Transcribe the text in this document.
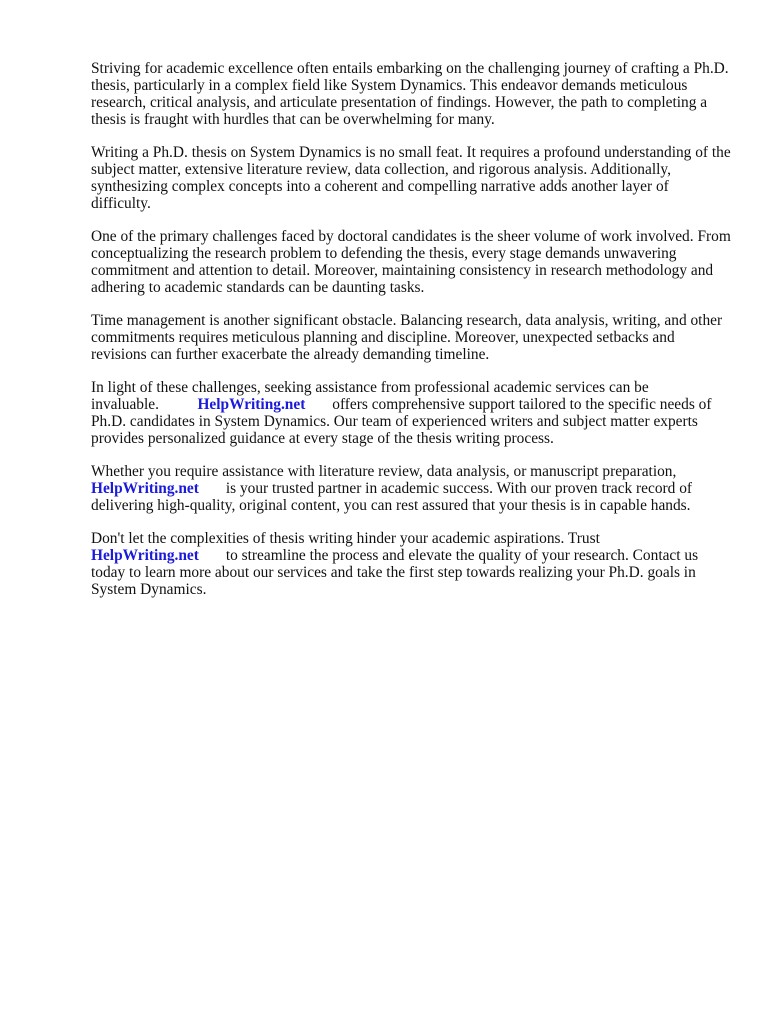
Striving for academic excellence often entails embarking on the challenging journey of crafting a Ph.D. thesis, particularly in a complex field like System Dynamics. This endeavor demands meticulous research, critical analysis, and articulate presentation of findings. However, the path to completing a thesis is fraught with hurdles that can be overwhelming for many.

Writing a Ph.D. thesis on System Dynamics is no small feat. It requires a profound understanding of the subject matter, extensive literature review, data collection, and rigorous analysis. Additionally, synthesizing complex concepts into a coherent and compelling narrative adds another layer of difficulty.

One of the primary challenges faced by doctoral candidates is the sheer volume of work involved. From conceptualizing the research problem to defending the thesis, every stage demands unwavering commitment and attention to detail. Moreover, maintaining consistency in research methodology and adhering to academic standards can be daunting tasks.

Time management is another significant obstacle. Balancing research, data analysis, writing, and other commitments requires meticulous planning and discipline. Moreover, unexpected setbacks and revisions can further exacerbate the already demanding timeline.

In light of these challenges, seeking assistance from professional academic services can be invaluable. HelpWriting.net offers comprehensive support tailored to the specific needs of Ph.D. candidates in System Dynamics. Our team of experienced writers and subject matter experts provides personalized guidance at every stage of the thesis writing process.

Whether you require assistance with literature review, data analysis, or manuscript preparation, HelpWriting.net is your trusted partner in academic success. With our proven track record of delivering high-quality, original content, you can rest assured that your thesis is in capable hands.

Don't let the complexities of thesis writing hinder your academic aspirations. Trust HelpWriting.net to streamline the process and elevate the quality of your research. Contact us today to learn more about our services and take the first step towards realizing your Ph.D. goals in System Dynamics.
